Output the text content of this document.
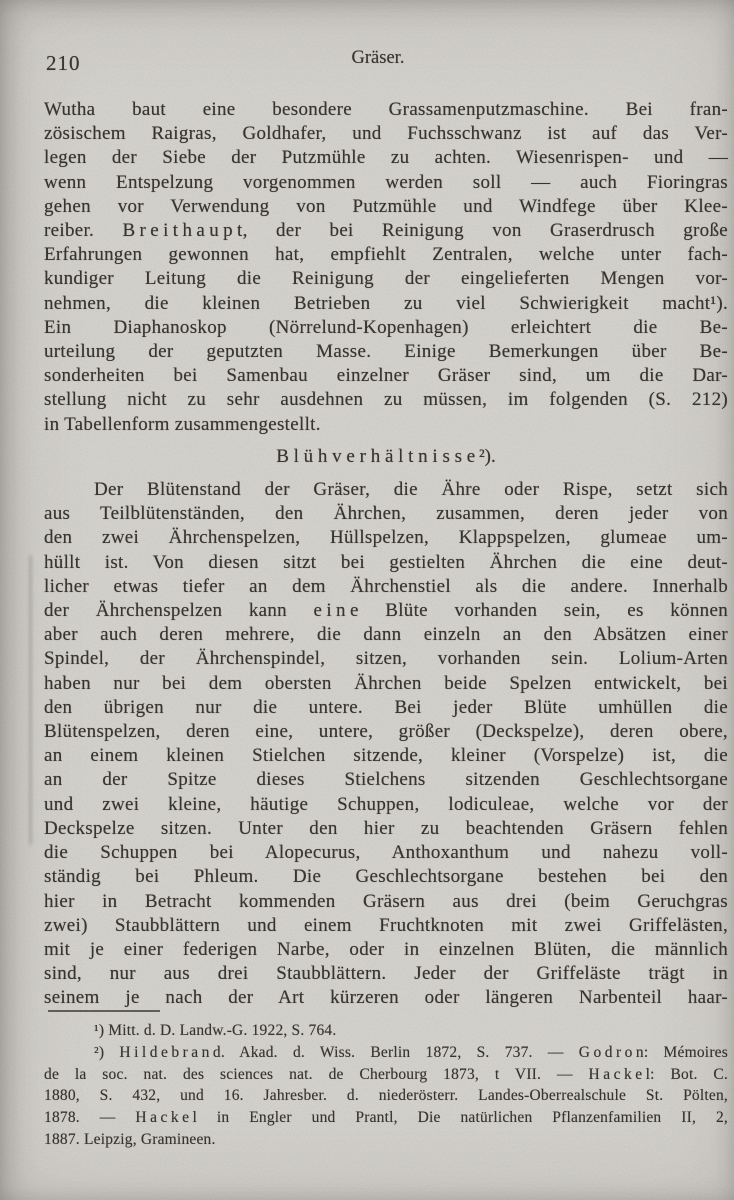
210	Gräser.
Wutha baut eine besondere Grassamenputzmaschine. Bei fran-
zösischem Raigras, Goldhafer, und Fuchsschwanz ist auf das Ver-
legen der Siebe der Putzmühle zu achten. Wiesenrispen- und —
wenn Entspelzung vorgenommen werden soll — auch Fioringras
gehen vor Verwendung von Putzmühle und Windfege über Klee-
reiber. B r e i t h a u p t, der bei Reinigung von Graserdrusch große
Erfahrungen gewonnen hat, empfiehlt Zentralen, welche unter fach-
kundiger Leitung die Reinigung der eingelieferten Mengen vor-
nehmen, die kleinen Betrieben zu viel Schwierigkeit macht¹).
Ein Diaphanoskop (Nörrelund-Kopenhagen) erleichtert die Be-
urteilung der geputzten Masse. Einige Bemerkungen über Be-
sonderheiten bei Samenbau einzelner Gräser sind, um die Dar-
stellung nicht zu sehr ausdehnen zu müssen, im folgenden (S. 212)
in Tabellenform zusammengestellt.
B l ü h v e r h ä l t n i s s e ²).
Der Blütenstand der Gräser, die Ähre oder Rispe, setzt sich
aus Teilblütenständen, den Ährchen, zusammen, deren jeder von
den zwei Ährchenspelzen, Hüllspelzen, Klappspelzen, glumeae um-
hüllt ist. Von diesen sitzt bei gestielten Ährchen die eine deut-
licher etwas tiefer an dem Ährchenstiel als die andere. Innerhalb
der Ährchenspelzen kann e i n e Blüte vorhanden sein, es können
aber auch deren mehrere, die dann einzeln an den Absätzen einer
Spindel, der Ährchenspindel, sitzen, vorhanden sein. Lolium-Arten
haben nur bei dem obersten Ährchen beide Spelzen entwickelt, bei
den übrigen nur die untere. Bei jeder Blüte umhüllen die
Blütenspelzen, deren eine, untere, größer (Deckspelze), deren obere,
an einem kleinen Stielchen sitzende, kleiner (Vorspelze) ist, die
an der Spitze dieses Stielchens sitzenden Geschlechtsorgane
und zwei kleine, häutige Schuppen, lodiculeae, welche vor der
Deckspelze sitzen. Unter den hier zu beachtenden Gräsern fehlen
die Schuppen bei Alopecurus, Anthoxanthum und nahezu voll-
ständig bei Phleum. Die Geschlechtsorgane bestehen bei den
hier in Betracht kommenden Gräsern aus drei (beim Geruchgras
zwei) Staubblättern und einem Fruchtknoten mit zwei Griffelästen,
mit je einer federigen Narbe, oder in einzelnen Blüten, die männlich
sind, nur aus drei Staubblättern. Jeder der Griffeläste trägt in
seinem je nach der Art kürzeren oder längeren Narbenteil haar-
¹) Mitt. d. D. Landw.-G. 1922, S. 764.
²) H i l d e b r a n d. Akad. d. Wiss. Berlin 1872, S. 737. — G o d r o n: Mémoires
de la soc. nat. des sciences nat. de Cherbourg 1873, t VII. — H a c k e l: Bot. C.
1880, S. 432, und 16. Jahresber. d. niederösterr. Landes-Oberrealschule St. Pölten,
1878. — H a c k e l in Engler und Prantl, Die natürlichen Pflanzenfamilien II, 2,
1887. Leipzig, Gramineen.
